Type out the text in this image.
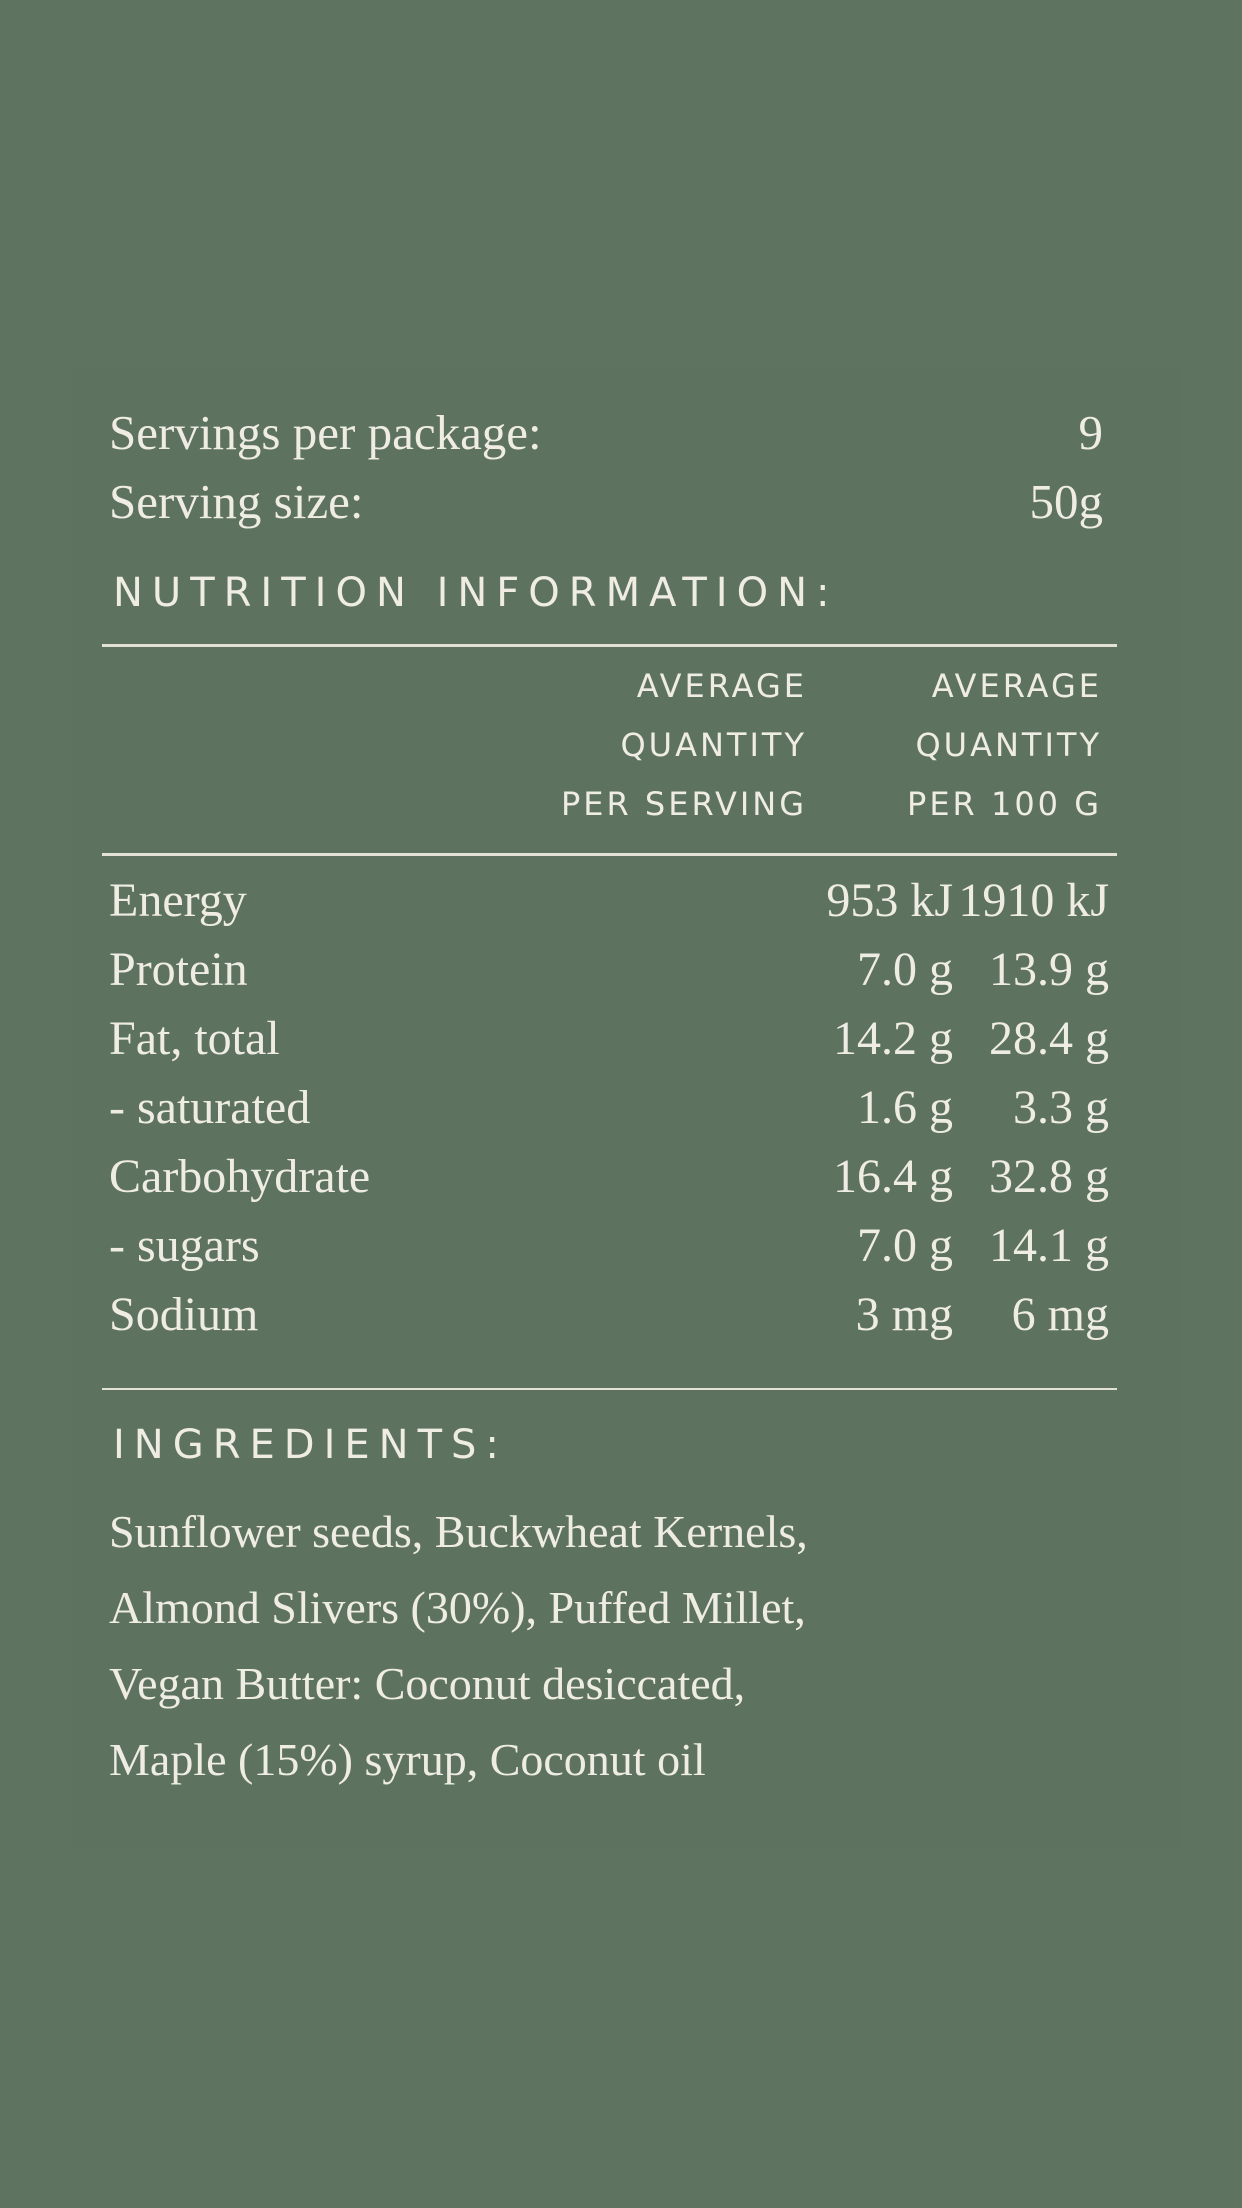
Servings per package:	9
Serving size:	50g
NUTRITION INFORMATION:
AVERAGE
QUANTITY
PER SERVING
AVERAGE
QUANTITY
PER 100 G
Energy	953 kJ 1910 kJ
Protein	7.0 g 13.9 g
Fat, total	14.2 g 28.4 g
- saturated	1.6 g 3.3 g
Carbohydrate	16.4 g 32.8 g
- sugars	7.0 g 14.1 g
Sodium	3 mg 6 mg
INGREDIENTS:
Sunflower seeds, Buckwheat Kernels,
Almond Slivers (30%), Puffed Millet,
Vegan Butter: Coconut desiccated,
Maple (15%) syrup, Coconut oil
